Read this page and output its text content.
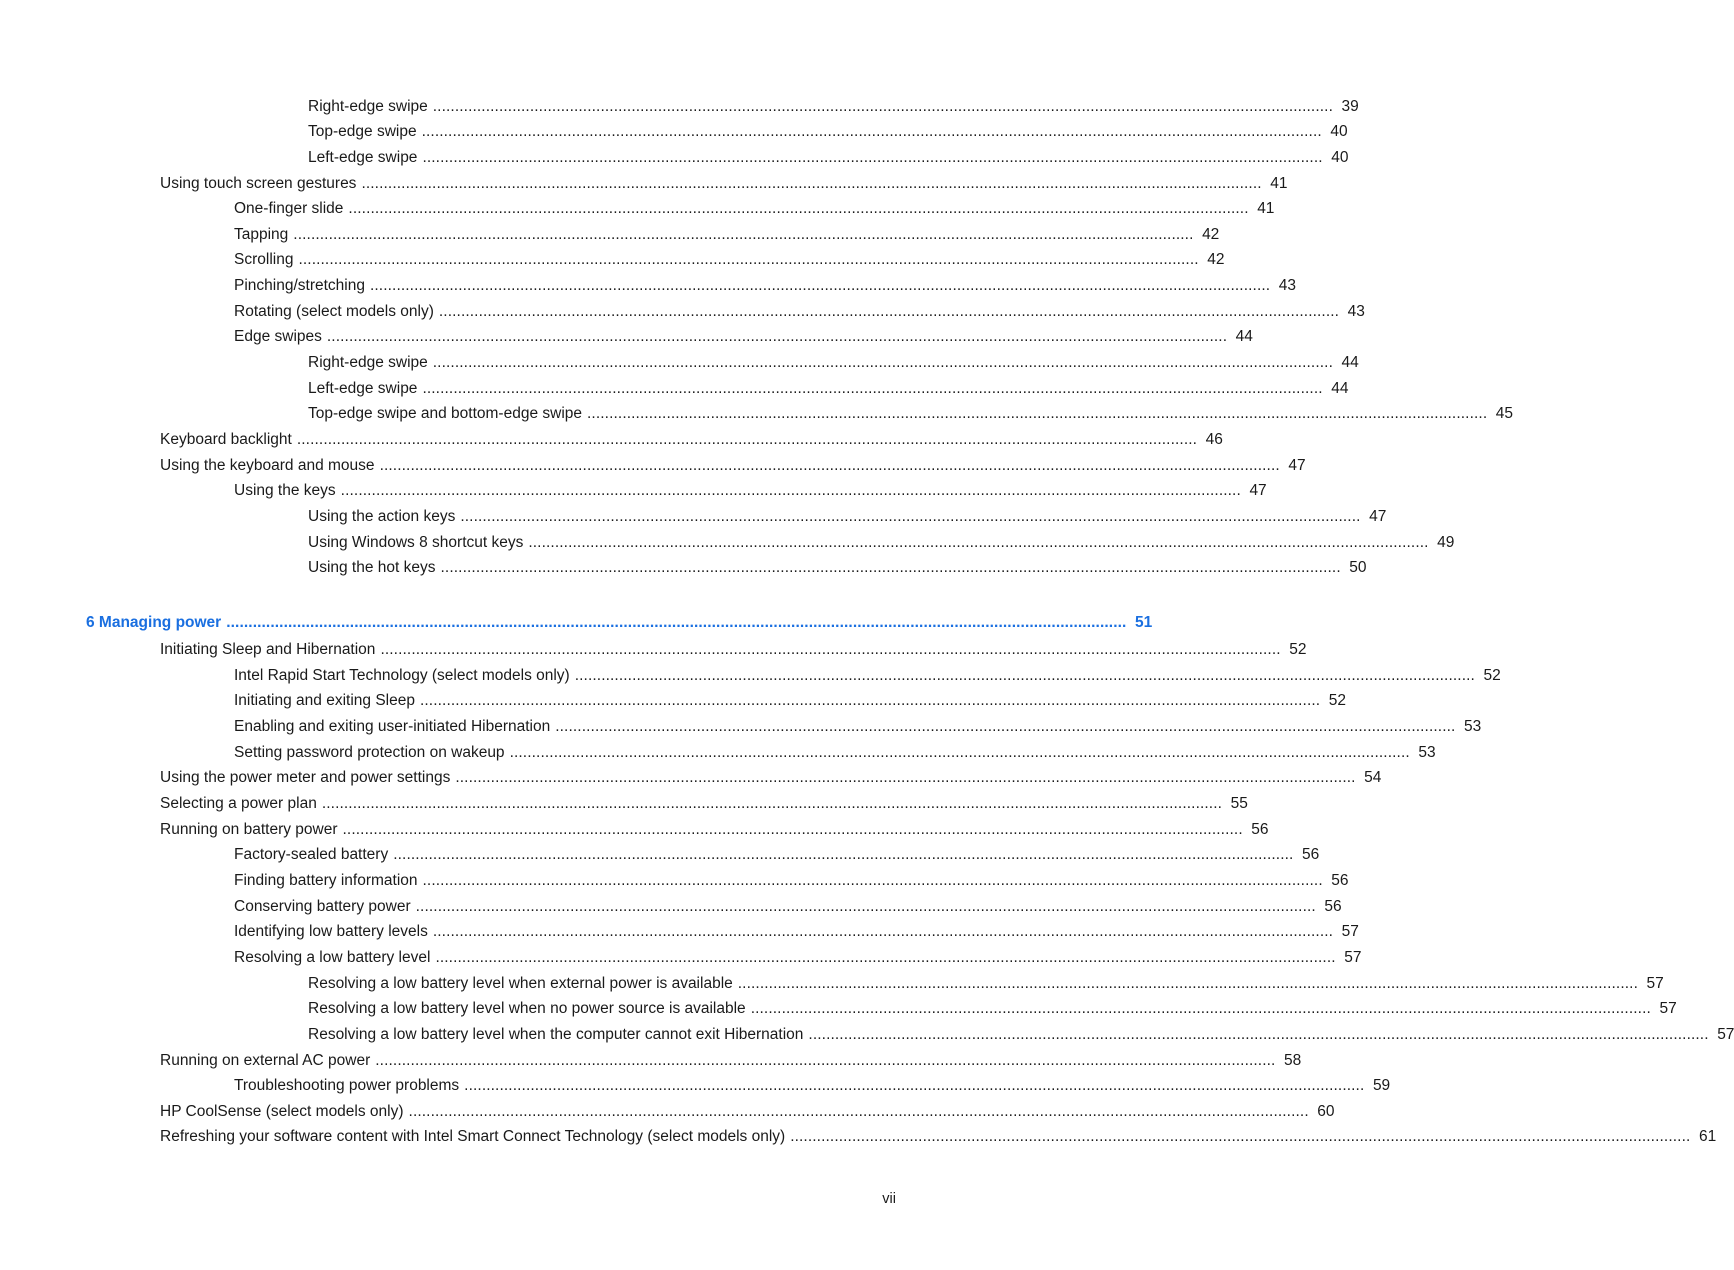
Right-edge swipe . . .	39
Top-edge swipe . . .	40
Left-edge swipe . . .	40
Using touch screen gestures . . .	41
One-finger slide . . .	41
Tapping . . .	42
Scrolling . . .	42
Pinching/stretching . . .	43
Rotating (select models only) . . .	43
Edge swipes . . .	44
Right-edge swipe . . .	44
Left-edge swipe . . .	44
Top-edge swipe and bottom-edge swipe . . .	45
Keyboard backlight . . .	46
Using the keyboard and mouse . . .	47
Using the keys . . .	47
Using the action keys . . .	47
Using Windows 8 shortcut keys . . .	49
Using the hot keys . . .	50
6 Managing power . . .	51
Initiating Sleep and Hibernation . . .	52
Intel Rapid Start Technology (select models only) . . .	52
Initiating and exiting Sleep . . .	52
Enabling and exiting user-initiated Hibernation . . .	53
Setting password protection on wakeup . . .	53
Using the power meter and power settings . . .	54
Selecting a power plan . . .	55
Running on battery power . . .	56
Factory-sealed battery . . .	56
Finding battery information . . .	56
Conserving battery power . . .	56
Identifying low battery levels . . .	57
Resolving a low battery level . . .	57
Resolving a low battery level when external power is available . . .	57
Resolving a low battery level when no power source is available . . .	57
Resolving a low battery level when the computer cannot exit Hibernation . . .	57
Running on external AC power . . .	58
Troubleshooting power problems . . .	59
HP CoolSense (select models only) . . .	60
Refreshing your software content with Intel Smart Connect Technology (select models only) . . .	61
vii
